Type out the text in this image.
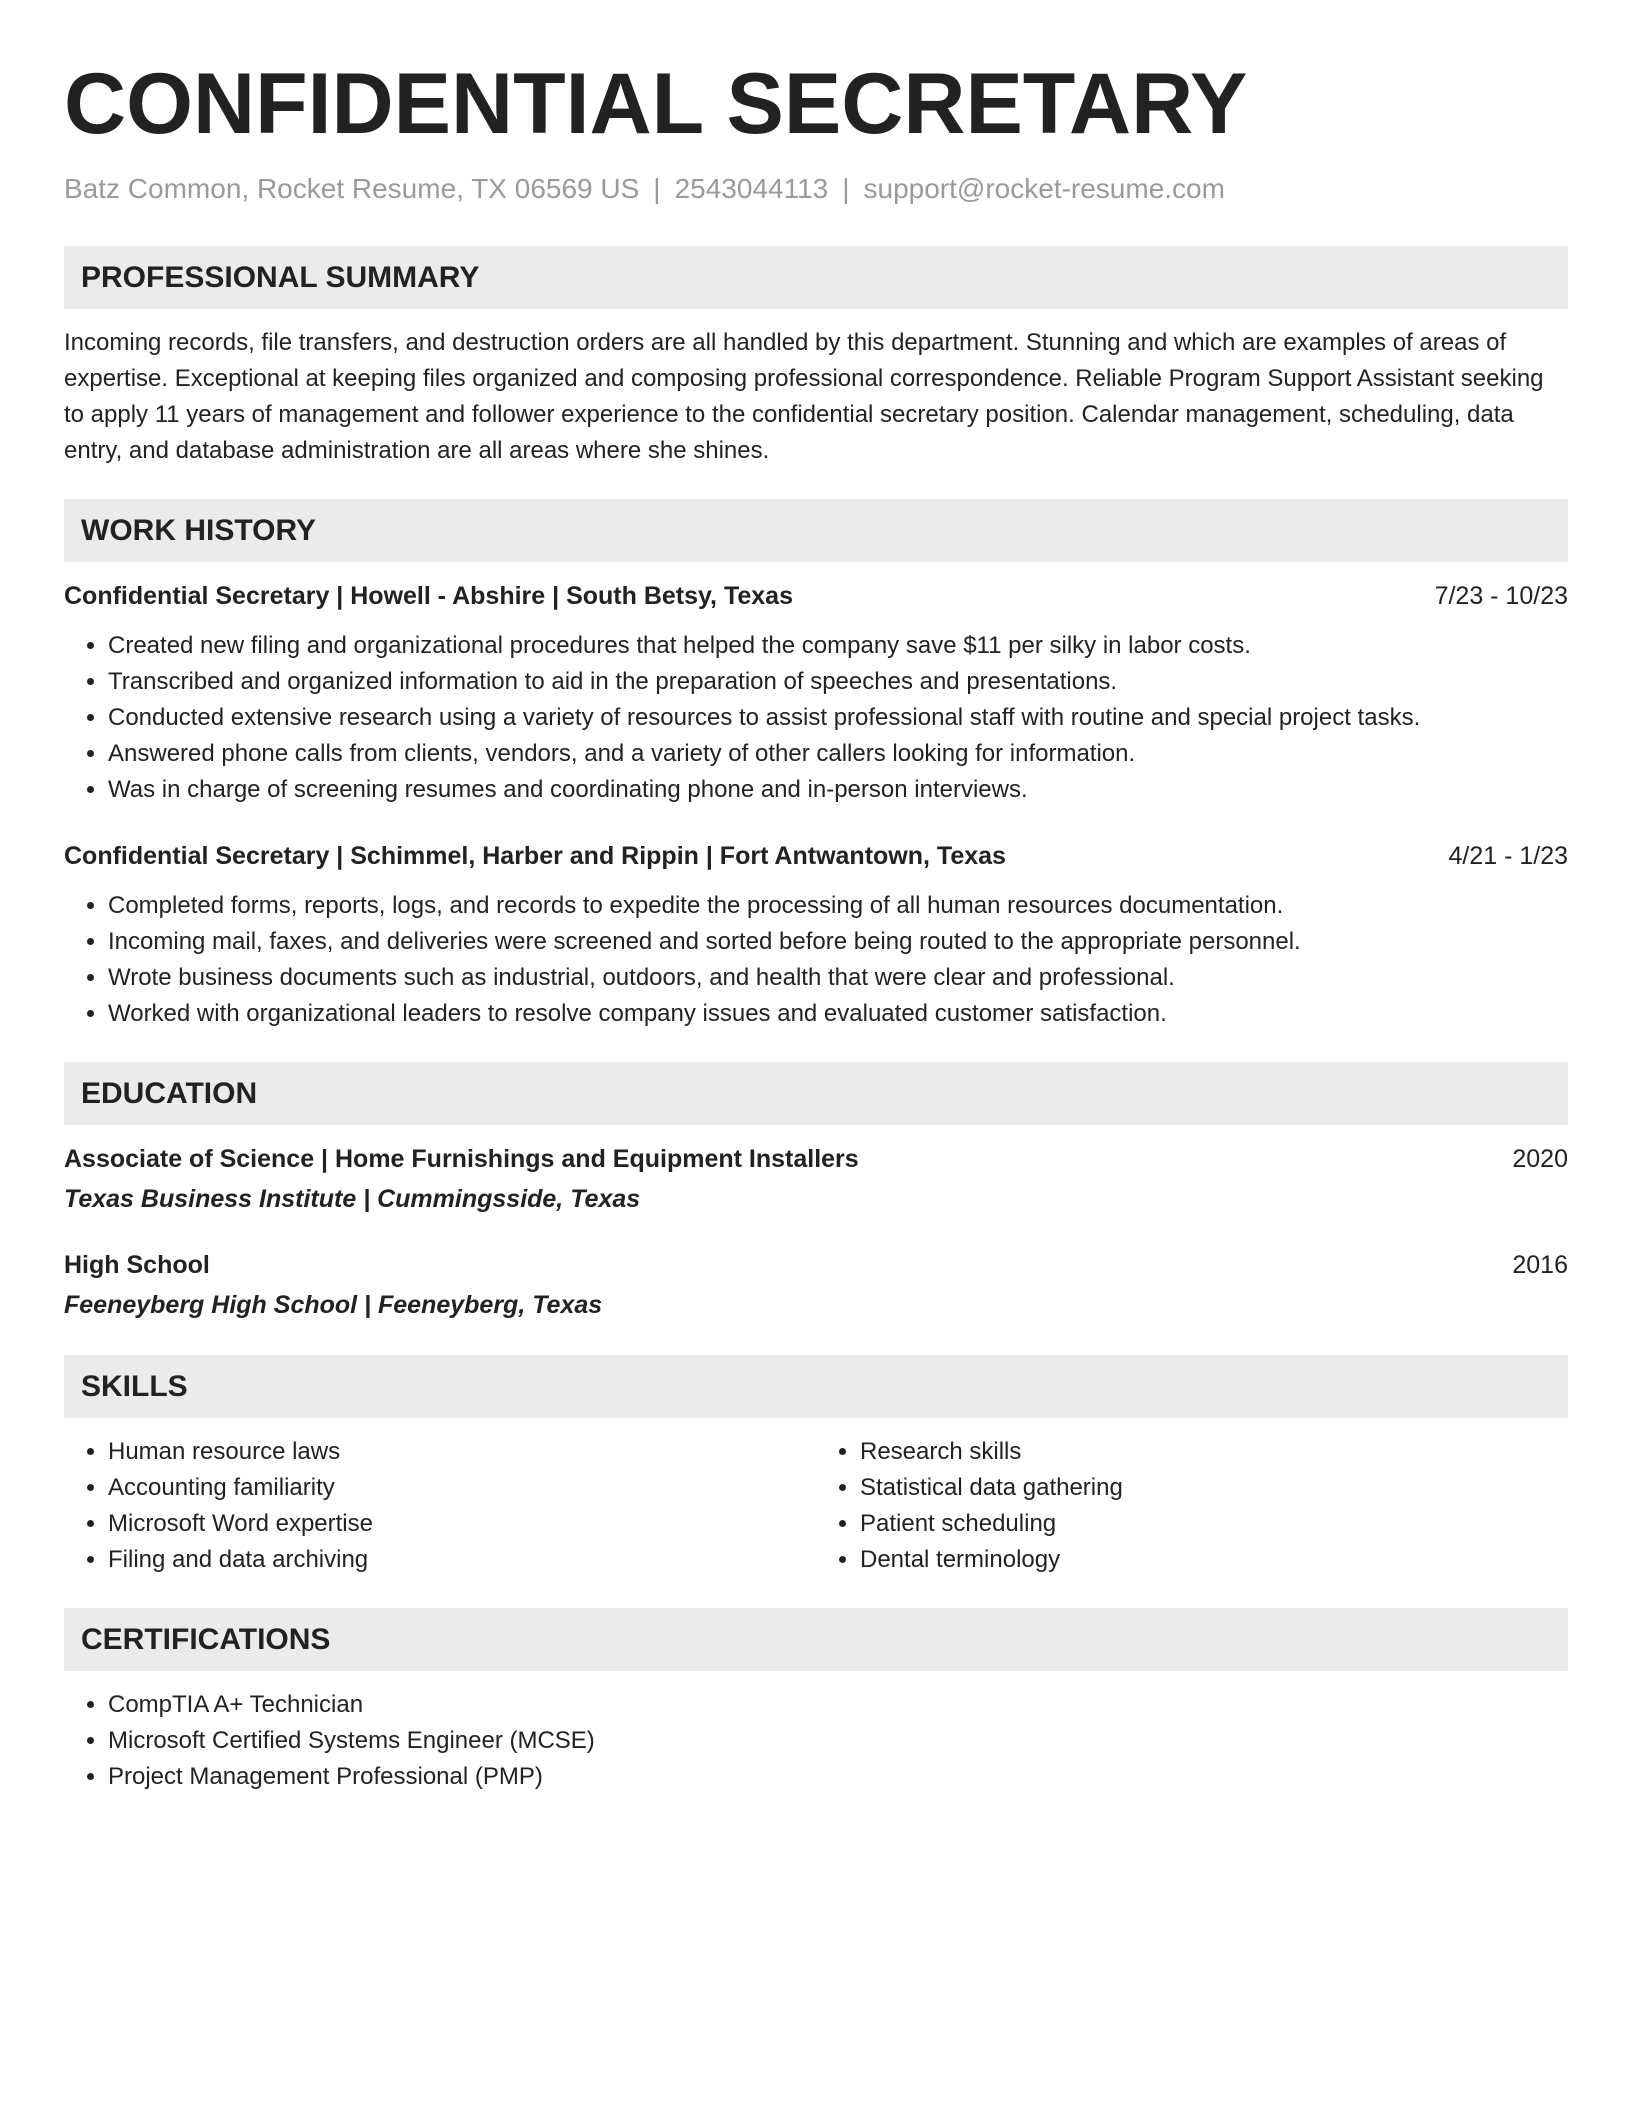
CONFIDENTIAL SECRETARY
Batz Common, Rocket Resume, TX 06569 US | 2543044113 | support@rocket-resume.com
PROFESSIONAL SUMMARY

Incoming records, file transfers, and destruction orders are all handled by this department. Stunning and which are examples of areas of expertise. Exceptional at keeping files organized and composing professional correspondence. Reliable Program Support Assistant seeking to apply 11 years of management and follower experience to the confidential secretary position. Calendar management, scheduling, data entry, and database administration are all areas where she shines.

WORK HISTORY
Confidential Secretary | Howell - Abshire | South Betsy, Texas	7/23 - 10/23
• Created new filing and organizational procedures that helped the company save $11 per silky in labor costs.
• Transcribed and organized information to aid in the preparation of speeches and presentations.
• Conducted extensive research using a variety of resources to assist professional staff with routine and special project tasks.
• Answered phone calls from clients, vendors, and a variety of other callers looking for information.
• Was in charge of screening resumes and coordinating phone and in-person interviews.
Confidential Secretary | Schimmel, Harber and Rippin | Fort Antwantown, Texas	4/21 - 1/23
• Completed forms, reports, logs, and records to expedite the processing of all human resources documentation.
• Incoming mail, faxes, and deliveries were screened and sorted before being routed to the appropriate personnel.
• Wrote business documents such as industrial, outdoors, and health that were clear and professional.
• Worked with organizational leaders to resolve company issues and evaluated customer satisfaction.
EDUCATION
Associate of Science | Home Furnishings and Equipment Installers	2020
Texas Business Institute | Cummingsside, Texas
High School	2016
Feeneyberg High School | Feeneyberg, Texas
SKILLS
• Human resource laws
• Accounting familiarity
• Microsoft Word expertise
• Filing and data archiving
• Research skills
• Statistical data gathering
• Patient scheduling
• Dental terminology
CERTIFICATIONS
• CompTIA A+ Technician
• Microsoft Certified Systems Engineer (MCSE)
• Project Management Professional (PMP)
